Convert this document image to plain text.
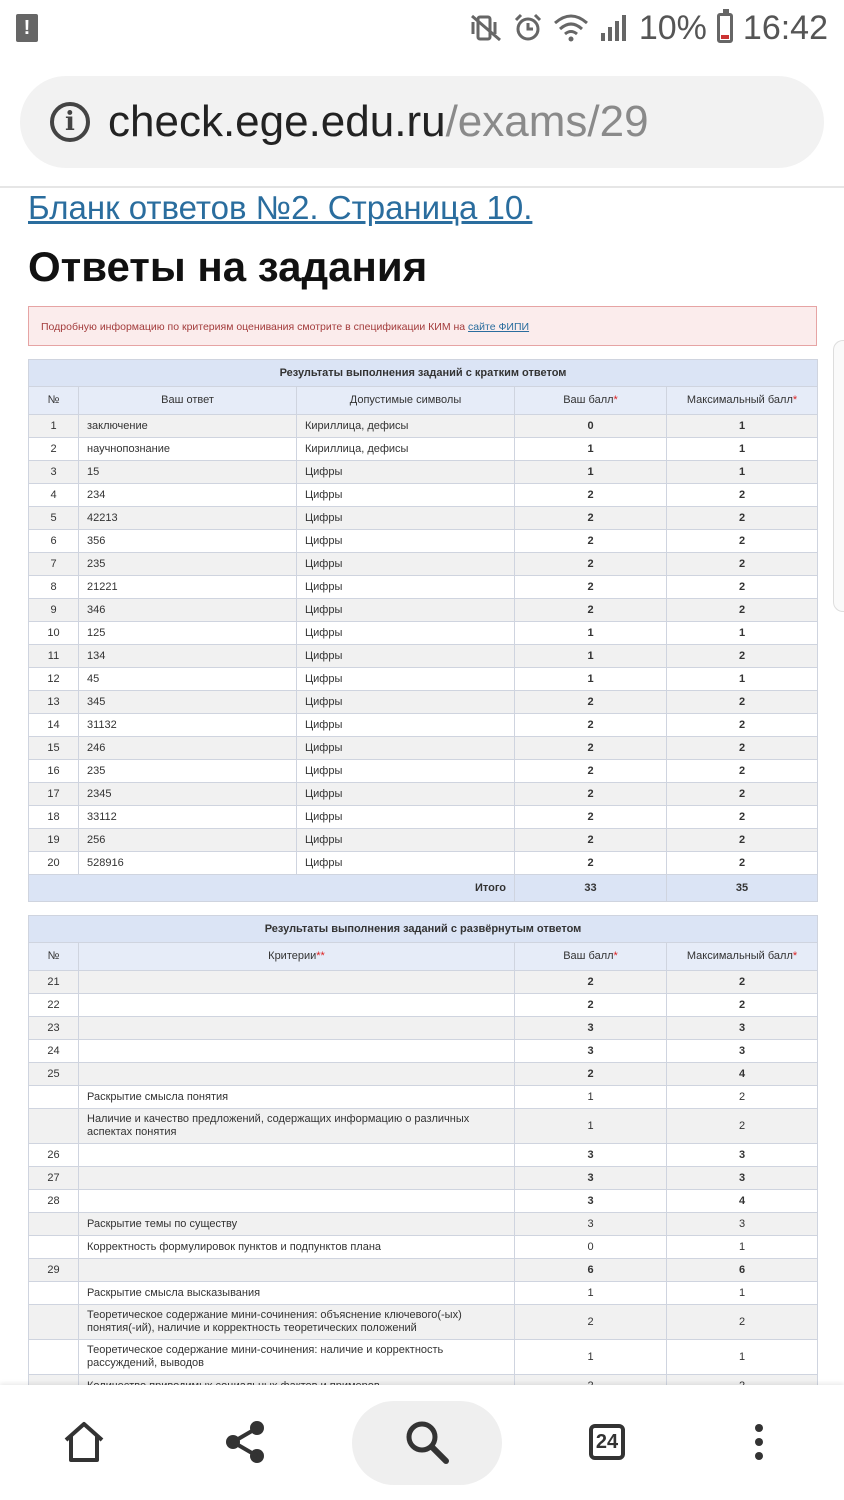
!	10% 16:42
i check.ege.edu.ru/exams/29
Бланк ответов №2. Страница 10.
Ответы на задания
Подробную информацию по критериям оценивания смотрите в спецификации КИМ на сайте ФИПИ
Результаты выполнения заданий с кратким ответом				
№	Ваш ответ	Допустимые символы	Ваш балл*	Максимальный балл*
1	заключение	Кириллица, дефисы	0	1
2	научнопознание	Кириллица, дефисы	1	1
3	15	Цифры	1	1
4	234	Цифры	2	2
5	42213	Цифры	2	2
6	356	Цифры	2	2
7	235	Цифры	2	2
8	21221	Цифры	2	2
9	346	Цифры	2	2
10	125	Цифры	1	1
11	134	Цифры	1	2
12	45	Цифры	1	1
13	345	Цифры	2	2
14	31132	Цифры	2	2
15	246	Цифры	2	2
16	235	Цифры	2	2
17	2345	Цифры	2	2
18	33112	Цифры	2	2
19	256	Цифры	2	2
20	528916	Цифры	2	2
Итого			33	35
Результаты выполнения заданий с развёрнутым ответом			
№	Критерии**	Ваш балл*	Максимальный балл*
21		2	2
22		2	2
23		3	3
24		3	3
25		2	4
	Раскрытие смысла понятия	1	2
	Наличие и качество предложений, содержащих информацию о различных аспектах понятия	1	2
26		3	3
27		3	3
28		3	4
	Раскрытие темы по существу	3	3
	Корректность формулировок пунктов и подпунктов плана	0	1
29		6	6
	Раскрытие смысла высказывания	1	1
	Теоретическое содержание мини-сочинения: объяснение ключевого(-ых) понятия(-ий), наличие и корректность теоретических положений	2	2
	Теоретическое содержание мини-сочинения: наличие и корректность рассуждений, выводов	1	1

24
